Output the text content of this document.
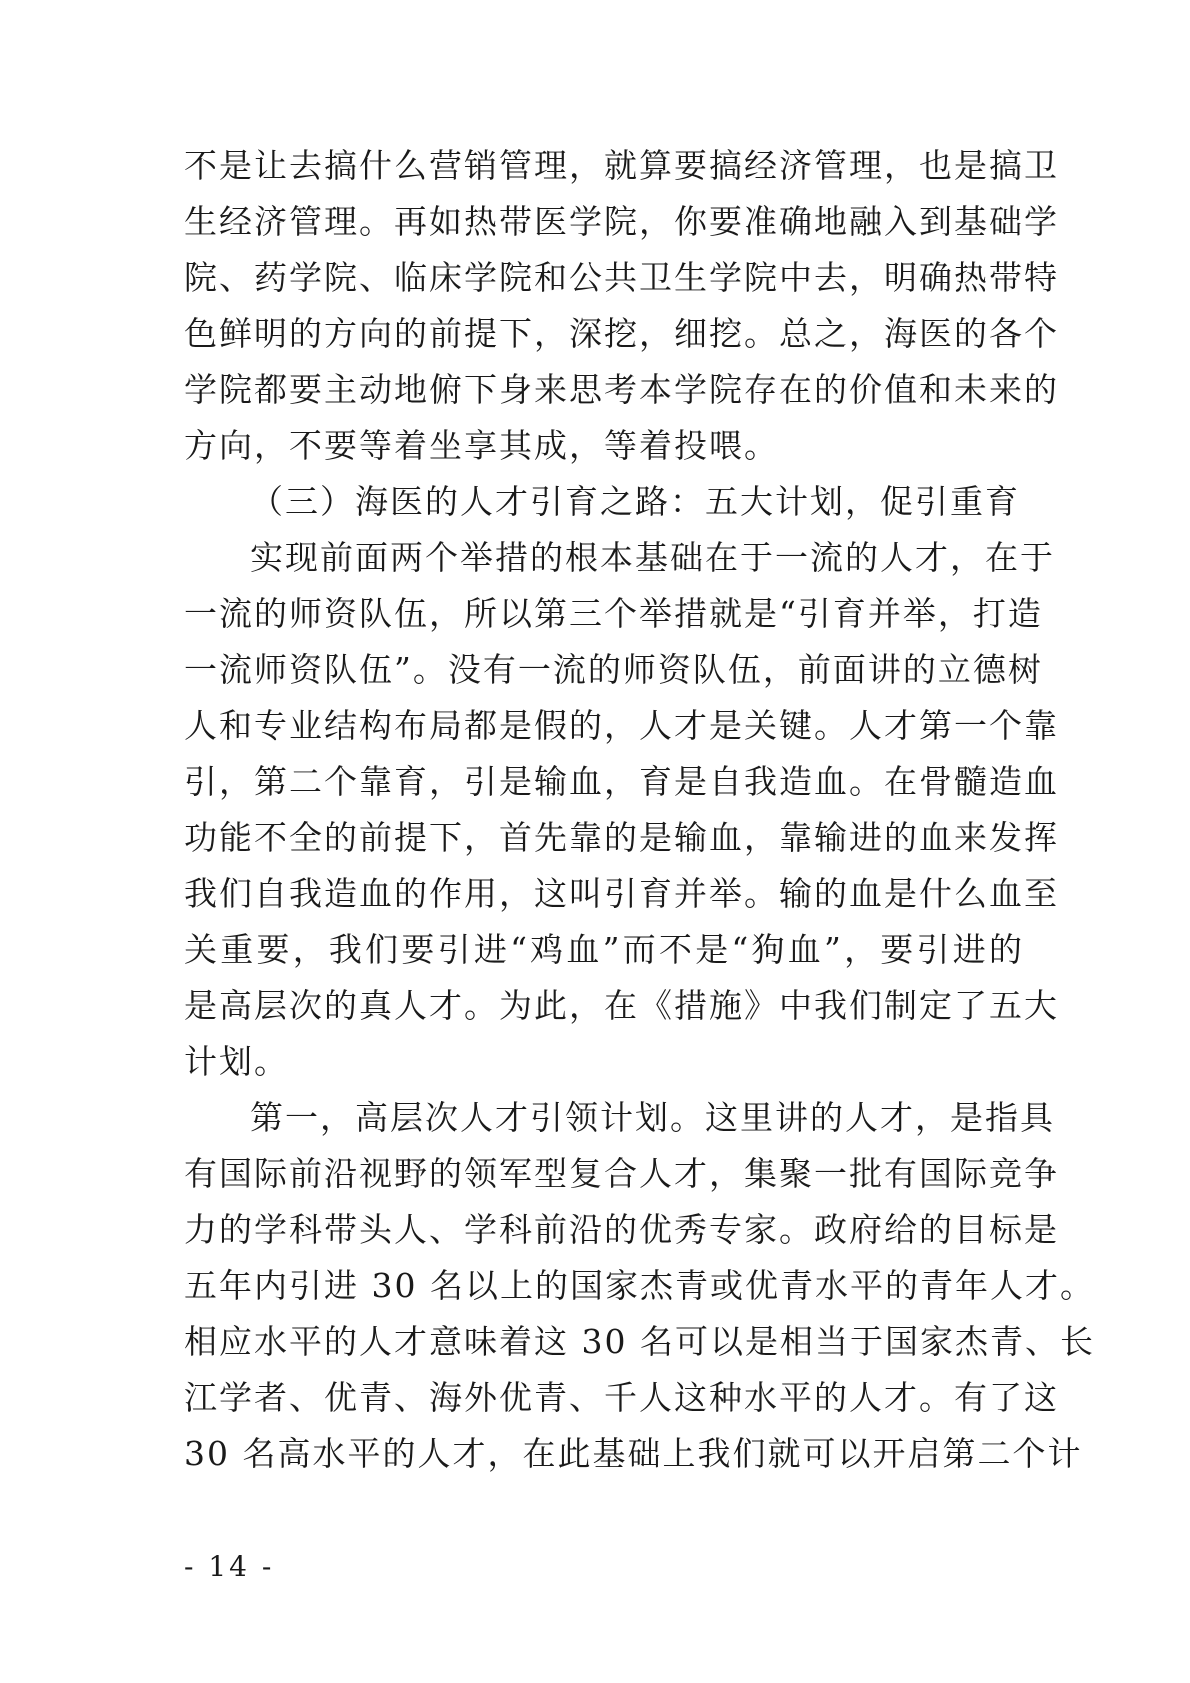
不是让去搞什么营销管理，就算要搞经济管理，也是搞卫
生经济管理。再如热带医学院，你要准确地融入到基础学
院、药学院、临床学院和公共卫生学院中去，明确热带特
色鲜明的方向的前提下，深挖，细挖。总之，海医的各个
学院都要主动地俯下身来思考本学院存在的价值和未来的
方向，不要等着坐享其成，等着投喂。
（三）海医的人才引育之路：五大计划，促引重育
实现前面两个举措的根本基础在于一流的人才，在于
一流的师资队伍，所以第三个举措就是“引育并举，打造
一流师资队伍”。没有一流的师资队伍，前面讲的立德树
人和专业结构布局都是假的，人才是关键。人才第一个靠
引，第二个靠育，引是输血，育是自我造血。在骨髓造血
功能不全的前提下，首先靠的是输血，靠输进的血来发挥
我们自我造血的作用，这叫引育并举。输的血是什么血至
关重要，我们要引进“鸡血”而不是“狗血”，要引进的
是高层次的真人才。为此，在《措施》中我们制定了五大
计划。
第一，高层次人才引领计划。这里讲的人才，是指具
有国际前沿视野的领军型复合人才，集聚一批有国际竞争
力的学科带头人、学科前沿的优秀专家。政府给的目标是
五年内引进 30 名以上的国家杰青或优青水平的青年人才。
相应水平的人才意味着这 30 名可以是相当于国家杰青、长
江学者、优青、海外优青、千人这种水平的人才。有了这
30 名高水平的人才，在此基础上我们就可以开启第二个计
- 14 -
